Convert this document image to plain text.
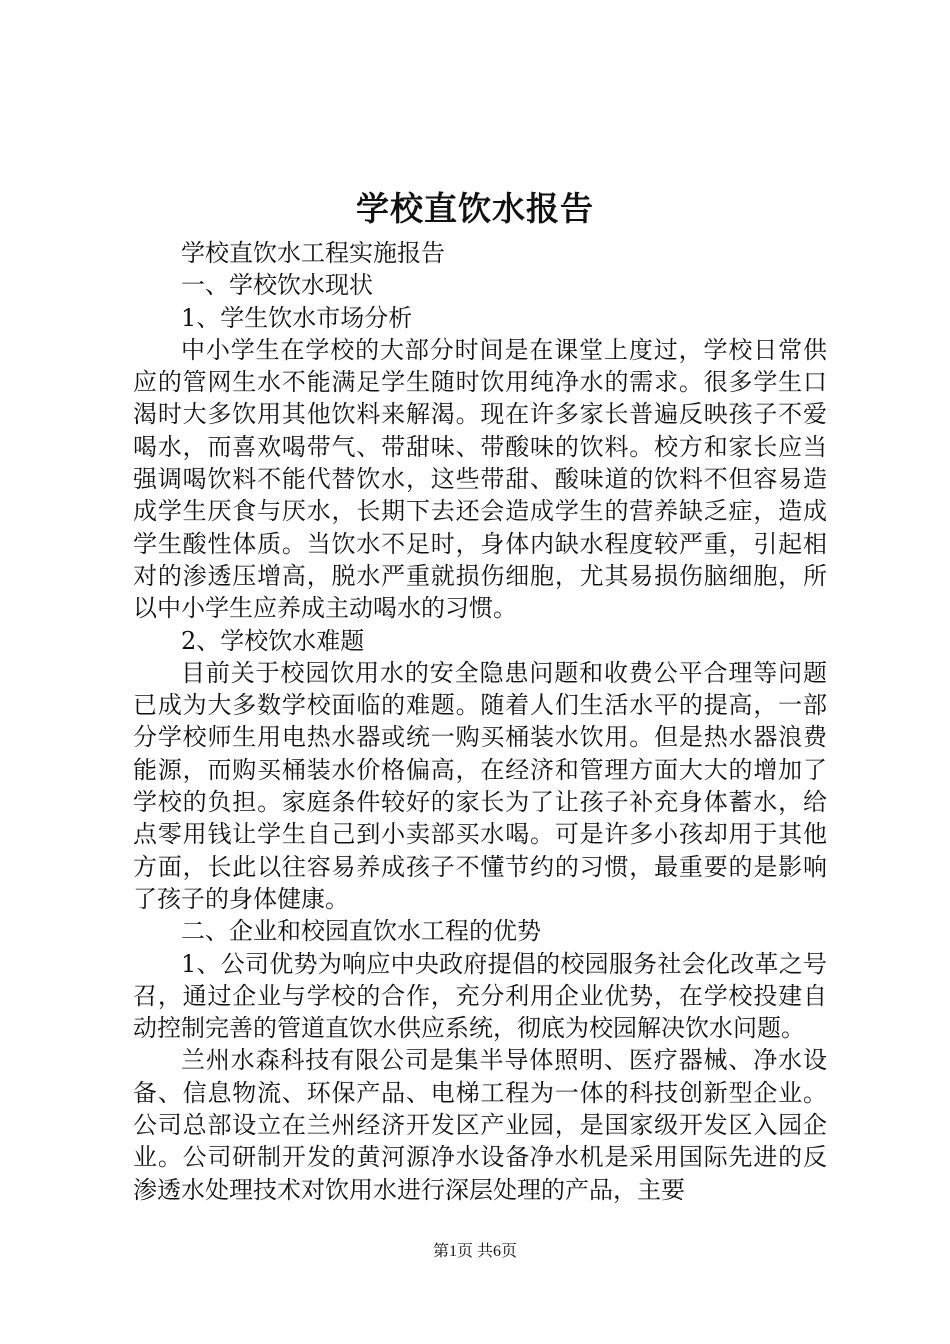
学校直饮水报告

学校直饮水工程实施报告

一、学校饮水现状

1、学生饮水市场分析

中小学生在学校的大部分时间是在课堂上度过，学校日常供应的管网生水不能满足学生随时饮用纯净水的需求。很多学生口渴时大多饮用其他饮料来解渴。现在许多家长普遍反映孩子不爱喝水，而喜欢喝带气、带甜味、带酸味的饮料。校方和家长应当强调喝饮料不能代替饮水，这些带甜、酸味道的饮料不但容易造成学生厌食与厌水，长期下去还会造成学生的营养缺乏症，造成学生酸性体质。当饮水不足时，身体内缺水程度较严重，引起相对的渗透压增高，脱水严重就损伤细胞，尤其易损伤脑细胞，所以中小学生应养成主动喝水的习惯。

2、学校饮水难题

目前关于校园饮用水的安全隐患问题和收费公平合理等问题已成为大多数学校面临的难题。随着人们生活水平的提高，一部分学校师生用电热水器或统一购买桶装水饮用。但是热水器浪费能源，而购买桶装水价格偏高，在经济和管理方面大大的增加了学校的负担。家庭条件较好的家长为了让孩子补充身体蓄水，给点零用钱让学生自己到小卖部买水喝。可是许多小孩却用于其他方面，长此以往容易养成孩子不懂节约的习惯，最重要的是影响了孩子的身体健康。

二、企业和校园直饮水工程的优势

1、公司优势为响应中央政府提倡的校园服务社会化改革之号召，通过企业与学校的合作，充分利用企业优势，在学校投建自动控制完善的管道直饮水供应系统，彻底为校园解决饮水问题。

兰州水森科技有限公司是集半导体照明、医疗器械、净水设备、信息物流、环保产品、电梯工程为一体的科技创新型企业。公司总部设立在兰州经济开发区产业园，是国家级开发区入园企业。公司研制开发的黄河源净水设备净水机是采用国际先进的反渗透水处理技术对饮用水进行深层处理的产品，主要

第1页 共6页
